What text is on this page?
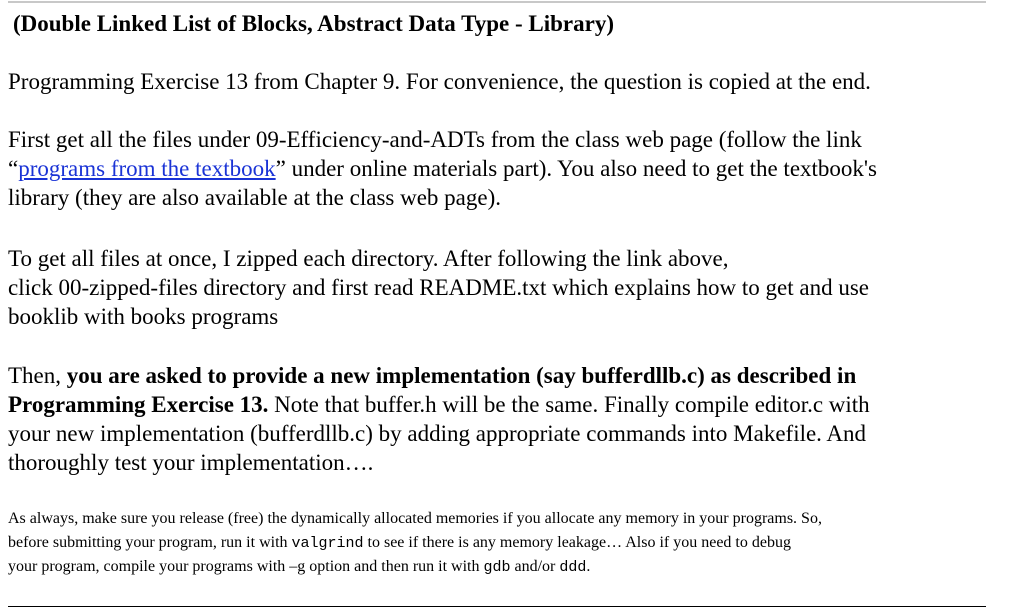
(Double Linked List of Blocks, Abstract Data Type - Library)
Programming Exercise 13 from Chapter 9. For convenience, the question is copied at the end.
First get all the files under 09-Efficiency-and-ADTs from the class web page (follow the link
“programs from the textbook” under online materials part). You also need to get the textbook's
library (they are also available at the class web page).
To get all files at once, I zipped each directory. After following the link above,
click 00-zipped-files directory and first read README.txt which explains how to get and use
booklib with books programs
Then, you are asked to provide a new implementation (say bufferdllb.c) as described in
Programming Exercise 13. Note that buffer.h will be the same. Finally compile editor.c with
your new implementation (bufferdllb.c) by adding appropriate commands into Makefile. And
thoroughly test your implementation….
As always, make sure you release (free) the dynamically allocated memories if you allocate any memory in your programs. So,
before submitting your program, run it with valgrind to see if there is any memory leakage… Also if you need to debug
your program, compile your programs with –g option and then run it with gdb and/or ddd.
